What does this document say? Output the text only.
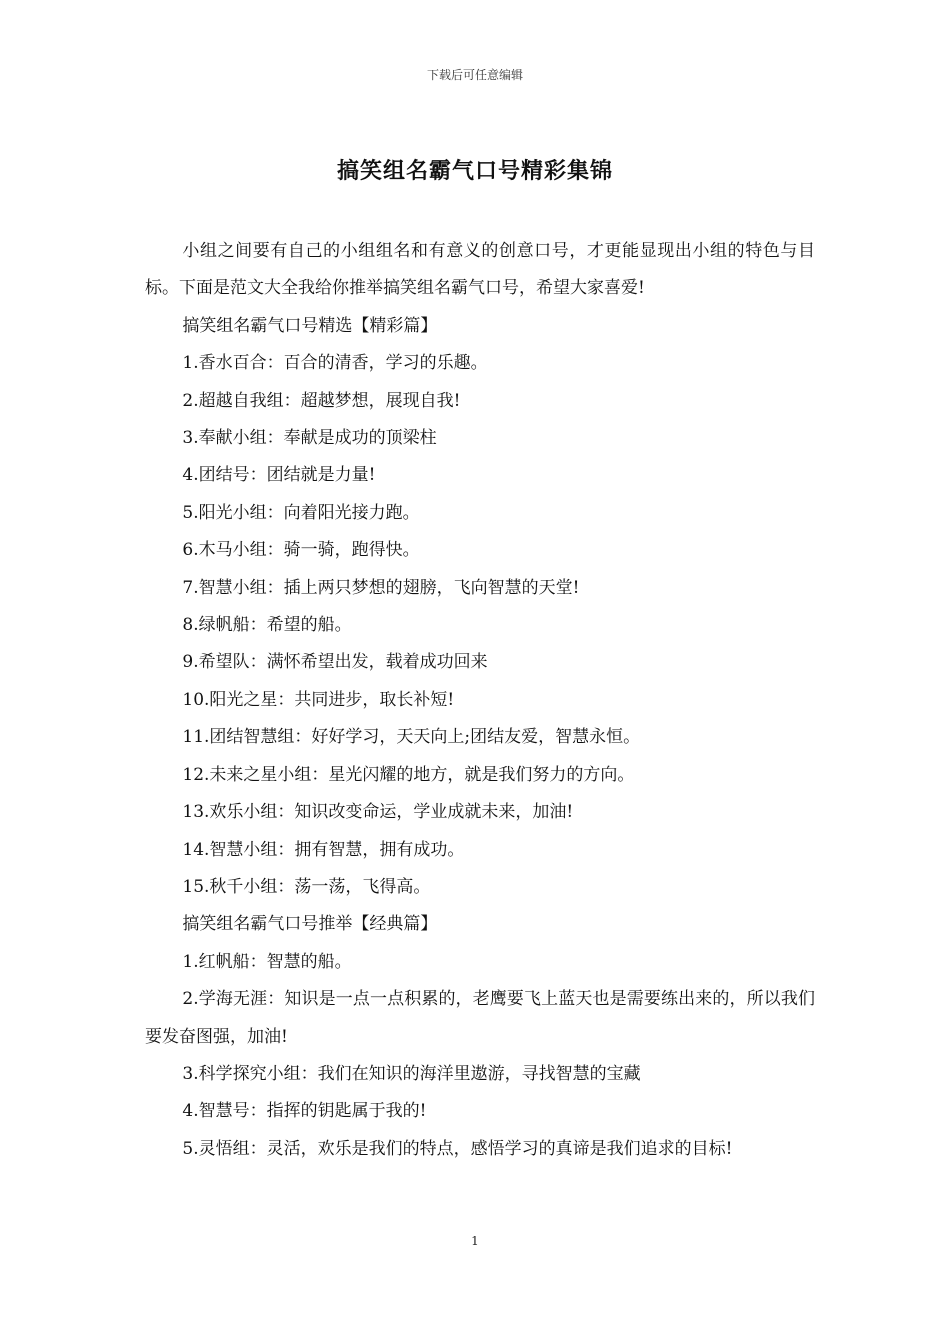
下载后可任意编辑
搞笑组名霸气口号精彩集锦

小组之间要有自己的小组组名和有意义的创意口号，才更能显现出小组的特色与目标。下面是范文大全我给你推举搞笑组名霸气口号，希望大家喜爱!

搞笑组名霸气口号精选【精彩篇】

1.香水百合：百合的清香，学习的乐趣。

2.超越自我组：超越梦想，展现自我!

3.奉献小组：奉献是成功的顶梁柱

4.团结号：团结就是力量!

5.阳光小组：向着阳光接力跑。

6.木马小组：骑一骑，跑得快。

7.智慧小组：插上两只梦想的翅膀，飞向智慧的天堂!

8.绿帆船：希望的船。

9.希望队：满怀希望出发，载着成功回来

10.阳光之星：共同进步，取长补短!

11.团结智慧组：好好学习，天天向上;团结友爱，智慧永恒。

12.未来之星小组：星光闪耀的地方，就是我们努力的方向。

13.欢乐小组：知识改变命运，学业成就未来，加油!

14.智慧小组：拥有智慧，拥有成功。

15.秋千小组：荡一荡，飞得高。

搞笑组名霸气口号推举【经典篇】

1.红帆船：智慧的船。

2.学海无涯：知识是一点一点积累的，老鹰要飞上蓝天也是需要练出来的，所以我们要发奋图强，加油!

3.科学探究小组：我们在知识的海洋里遨游，寻找智慧的宝藏

4.智慧号：指挥的钥匙属于我的!

5.灵悟组：灵活，欢乐是我们的特点，感悟学习的真谛是我们追求的目标!

1
